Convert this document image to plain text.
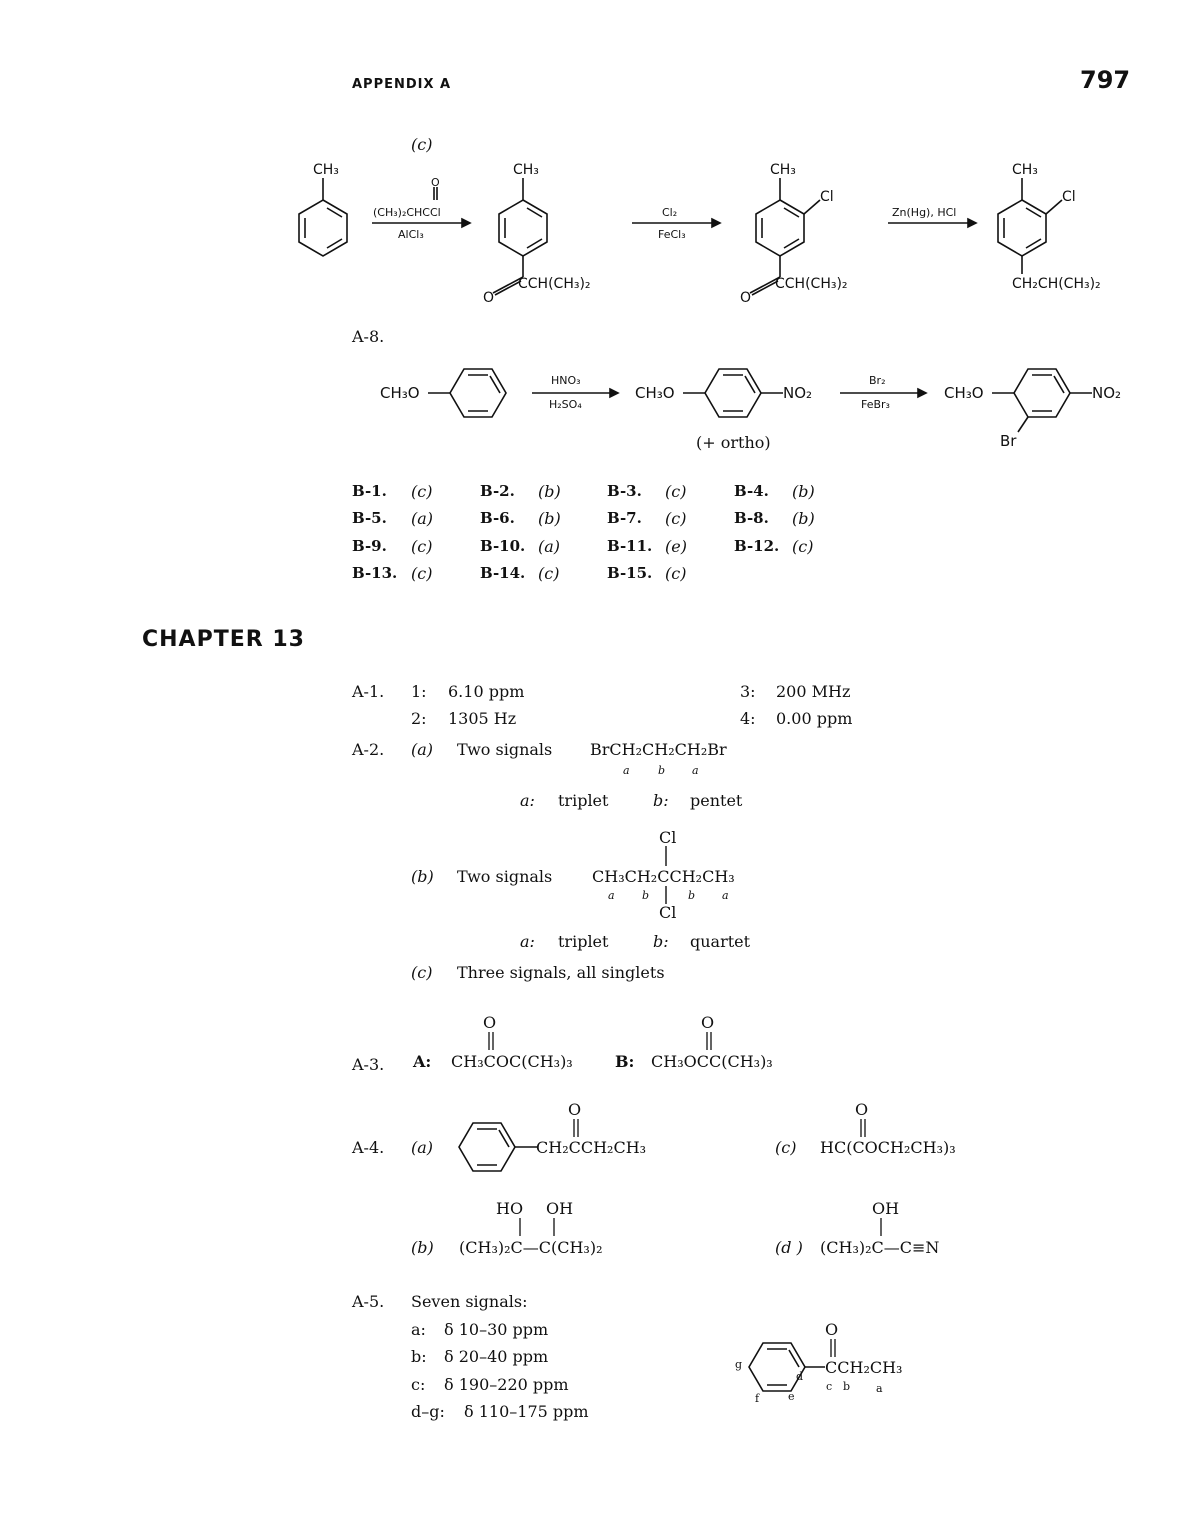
APPENDIX A	797
(c)
CH₃
O
(CH₃)₂CHCCl
AlCl₃
CH₃
CCH(CH₃)₂
O
Cl₂
FeCl₃
CH₃
Cl
CCH(CH₃)₂
O
Zn(Hg), HCl
CH₃
Cl
CH₂CH(CH₃)₂
A-8.
CH₃O	CH₃O	NO₂	CH₃O	NO₂
Br
HNO₃
H₂SO₄
Br₂
FeBr₃
(+ ortho)
B-1. (c)	B-2. (b)	B-3. (c)	B-4. (b)
B-5. (a)	B-6. (b)	B-7. (c)	B-8. (b)
B-9. (c)	B-10. (a)	B-11. (e)	B-12. (c)
B-13. (c)	B-14. (c)	B-15. (c)
CHAPTER 13
A-1. 1: 6.10 ppm
2: 1305 Hz
3: 200 MHz
4: 0.00 ppm
A-2. (a) Two signals BrCH₂CH₂CH₂Br
a	b a
a: triplet	b: pentet
Cl
(b) Two signals CH₃CH₂CCH₂CH₃
a b	b a
Cl
a: triplet	b: quartet
(c) Three signals, all singlets
A-3.
O
A: CH₃COC(CH₃)₃
O
B: CH₃OCC(CH₃)₃
A-4. (a)
O
CH₂CCH₂CH₃	(c)
O
HC(COCH₂CH₃)₃
HO OH
(b) (CH₃)₂C—C(CH₃)₂
OH
(d ) (CH₃)₂C—C≡N
A-5. Seven signals:
a: δ 10–30 ppm
b: δ 20–40 ppm
c: δ 190–220 ppm
d–g: δ 110–175 ppm
O
CCH₂CH₃
c b a
g
d
f	e
